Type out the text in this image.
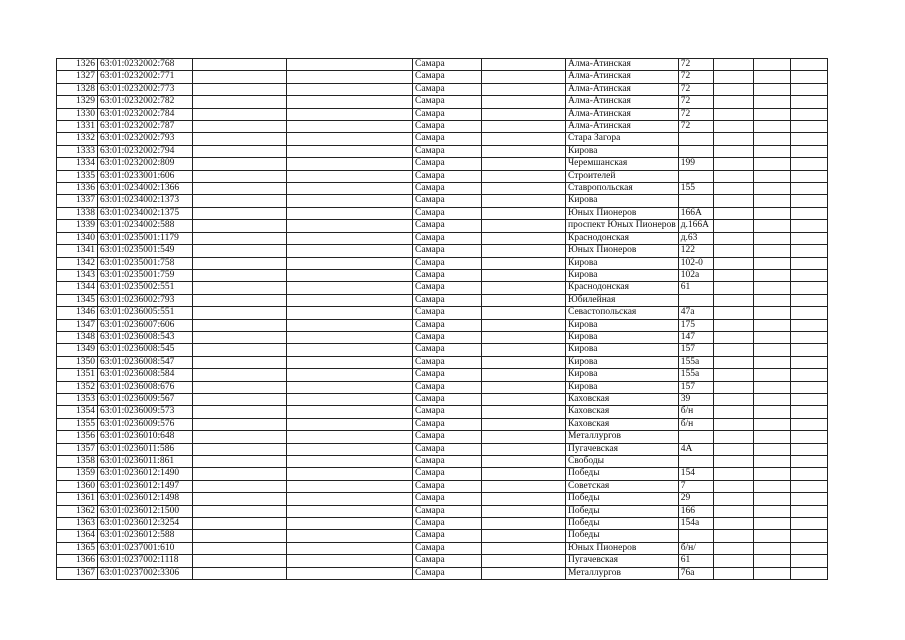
1326	63:01:0232002:768			Самара		Алма-Атинская	72			
1327	63:01:0232002:771			Самара		Алма-Атинская	72			
1328	63:01:0232002:773			Самара		Алма-Атинская	72			
1329	63:01:0232002:782			Самара		Алма-Атинская	72			
1330	63:01:0232002:784			Самара		Алма-Атинская	72			
1331	63:01:0232002:787			Самара		Алма-Атинская	72			
1332	63:01:0232002:793			Самара		Стара Загора				
1333	63:01:0232002:794			Самара		Кирова				
1334	63:01:0232002:809			Самара		Черемшанская	199			
1335	63:01:0233001:606			Самара		Строителей				
1336	63:01:0234002:1366			Самара		Ставропольская	155			
1337	63:01:0234002:1373			Самара		Кирова				
1338	63:01:0234002:1375			Самара		Юных Пионеров	166А			
1339	63:01:0234002:588			Самара		проспект Юных Пионеров	д.166А			
1340	63:01:0235001:1179			Самара		Краснодонская	д.63			
1341	63:01:0235001:549			Самара		Юных Пионеров	122			
1342	63:01:0235001:758			Самара		Кирова	102-0			
1343	63:01:0235001:759			Самара		Кирова	102а			
1344	63:01:0235002:551			Самара		Краснодонская	61			
1345	63:01:0236002:793			Самара		Юбилейная				
1346	63:01:0236005:551			Самара		Севастопольская	47а			
1347	63:01:0236007:606			Самара		Кирова	175			
1348	63:01:0236008:543			Самара		Кирова	147			
1349	63:01:0236008:545			Самара		Кирова	157			
1350	63:01:0236008:547			Самара		Кирова	155а			
1351	63:01:0236008:584			Самара		Кирова	155а			
1352	63:01:0236008:676			Самара		Кирова	157			
1353	63:01:0236009:567			Самара		Каховская	39			
1354	63:01:0236009:573			Самара		Каховская	б/н			
1355	63:01:0236009:576			Самара		Каховская	б/н			
1356	63:01:0236010:648			Самара		Металлургов				
1357	63:01:0236011:586			Самара		Пугачевская	4А			
1358	63:01:0236011:861			Самара		Свободы				
1359	63:01:0236012:1490			Самара		Победы	154			
1360	63:01:0236012:1497			Самара		Советская	7			
1361	63:01:0236012:1498			Самара		Победы	29			
1362	63:01:0236012:1500			Самара		Победы	166			
1363	63:01:0236012:3254			Самара		Победы	154а			
1364	63:01:0236012:588			Самара		Победы				
1365	63:01:0237001:610			Самара		Юных Пионеров	б/н/			
1366	63:01:0237002:1118			Самара		Пугачевская	61			
1367	63:01:0237002:3306			Самара		Металлургов	76а			
